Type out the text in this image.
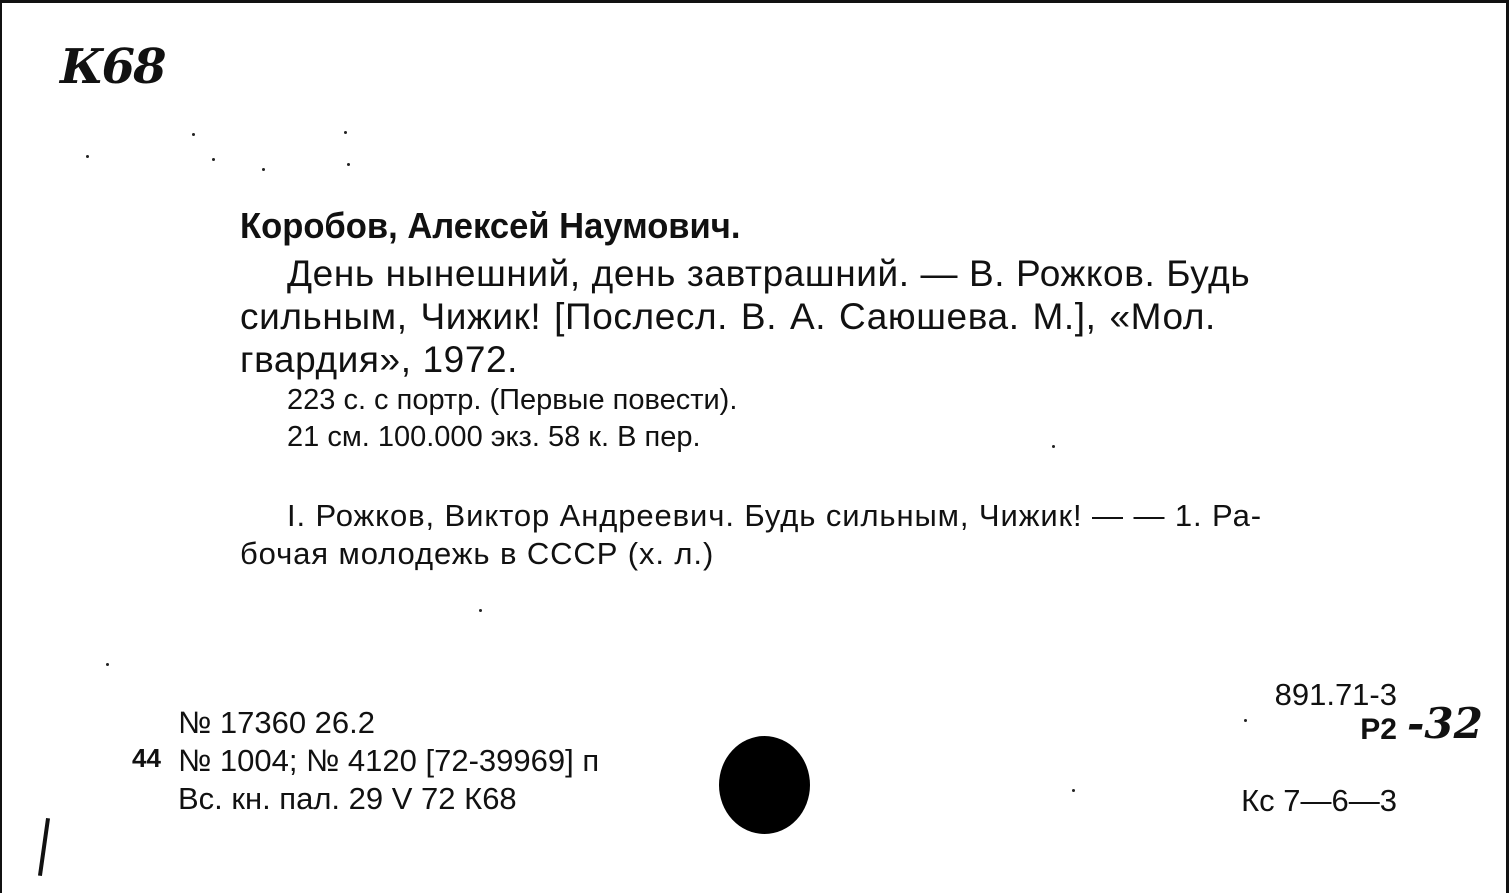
К68
Коробов, Алексей Наумович.
День нынешний, день завтрашний. — В. Рожков. Будь
сильным, Чижик! [Послесл. В. А. Саюшева. М.], «Мол.
гвардия», 1972.
223 с. с портр. (Первые повести).
21 см. 100.000 экз. 58 к. В пер.
I. Рожков, Виктор Андреевич. Будь сильным, Чижик! — — 1. Ра-
бочая молодежь в СССР (х. л.)
№ 17360 26.2
44 № 1004; № 4120 [72-39969] п
Вс. кн. пал. 29 V 72 К68
891.71-3
Р2 -32
Кс 7—6—3
